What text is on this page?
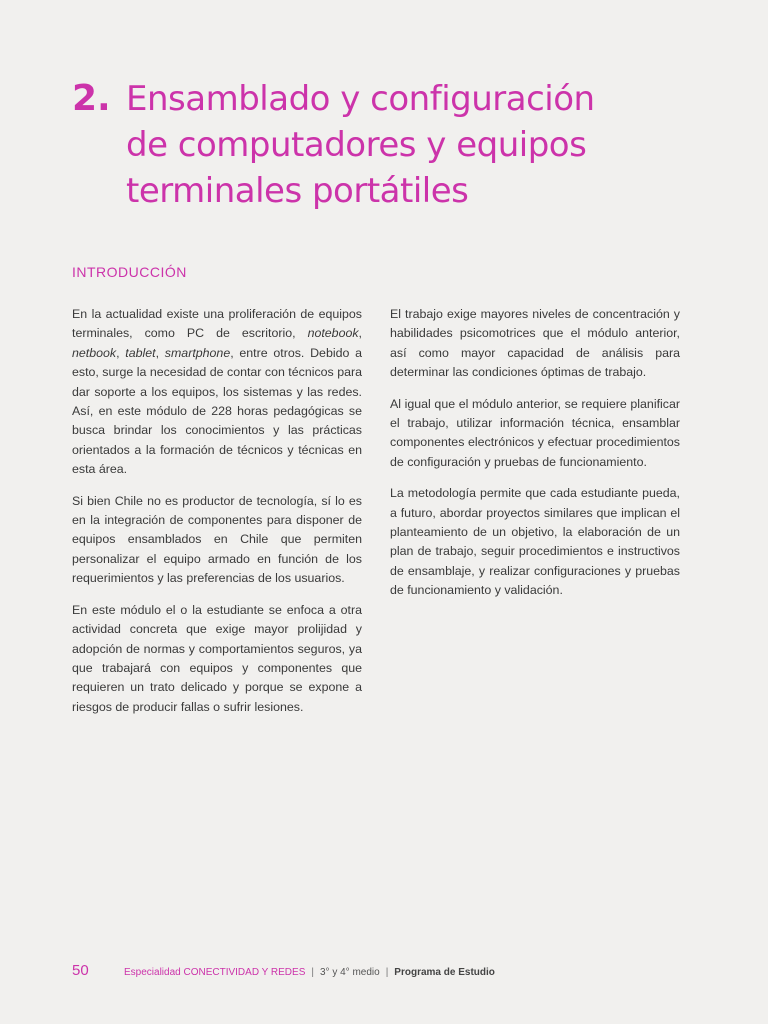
2. Ensamblado y configuración
de computadores y equipos
terminales portátiles
INTRODUCCIÓN

En la actualidad existe una proliferación de equipos terminales, como PC de escritorio, notebook, netbook, tablet, smartphone, entre otros. Debido a esto, surge la necesidad de contar con técnicos para dar soporte a los equipos, los sistemas y las redes. Así, en este módulo de 228 horas pedagógicas se busca brindar los conocimientos y las prácticas orientados a la formación de técnicos y técnicas en esta área.

Si bien Chile no es productor de tecnología, sí lo es en la integración de componentes para disponer de equipos ensamblados en Chile que permiten personalizar el equipo armado en función de los requerimientos y las preferencias de los usuarios.

En este módulo el o la estudiante se enfoca a otra actividad concreta que exige mayor prolijidad y adopción de normas y comportamientos seguros, ya que trabajará con equipos y componentes que requieren un trato delicado y porque se expone a riesgos de producir fallas o sufrir lesiones.

El trabajo exige mayores niveles de concentración y habilidades psicomotrices que el módulo anterior, así como mayor capacidad de análisis para determinar las condiciones óptimas de trabajo.

Al igual que el módulo anterior, se requiere planificar el trabajo, utilizar información técnica, ensamblar componentes electrónicos y efectuar procedimientos de configuración y pruebas de funcionamiento.

La metodología permite que cada estudiante pueda, a futuro, abordar proyectos similares que implican el planteamiento de un objetivo, la elaboración de un plan de trabajo, seguir procedimientos e instructivos de ensamblaje, y realizar configuraciones y pruebas de funcionamiento y validación.

50	Especialidad CONECTIVIDAD Y REDES | 3° y 4° medio | Programa de Estudio
